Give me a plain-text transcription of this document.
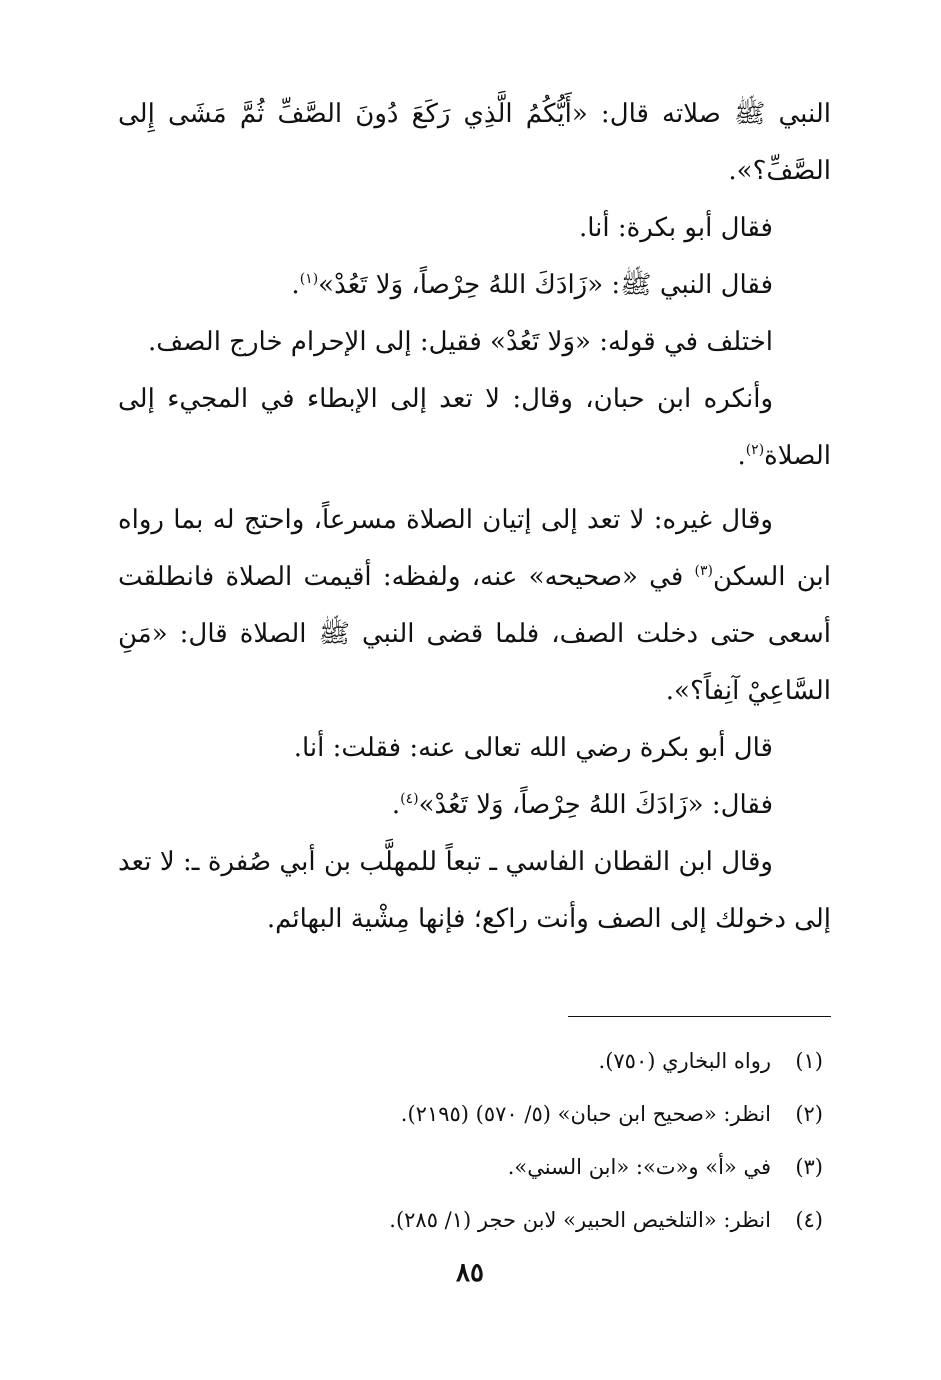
النبي ﷺ صلاته قال: «أَيُّكُمُ الَّذِي رَكَعَ دُونَ الصَّفِّ ثُمَّ مَشَى إِلى الصَّفِّ؟».

فقال أبو بكرة: أنا.

فقال النبي ﷺ: «زَادَكَ اللهُ حِرْصاً، وَلا تَعُدْ»$^{(١)}$.

اختلف في قوله: «وَلا تَعُدْ» فقيل: إلى الإحرام خارج الصف.

وأنكره ابن حبان، وقال: لا تعد إلى الإبطاء في المجيء إلى الصلاة$^{(٢)}$.

وقال غيره: لا تعد إلى إتيان الصلاة مسرعاً، واحتج له بما رواه ابن السكن$^{(٣)}$ في «صحيحه» عنه، ولفظه: أقيمت الصلاة فانطلقت أسعى حتى دخلت الصف، فلما قضى النبي ﷺ الصلاة قال: «مَنِ السَّاعِيْ آنِفاً؟».

قال أبو بكرة رضي الله تعالى عنه: فقلت: أنا.

فقال: «زَادَكَ اللهُ حِرْصاً، وَلا تَعُدْ»$^{(٤)}$.

وقال ابن القطان الفاسي ـ تبعاً للمهلَّب بن أبي صُفرة ـ: لا تعد إلى دخولك إلى الصف وأنت راكع؛ فإنها مِشْية البهائم.

(١)
رواه البخاري (٧٥٠).
(٢)
انظر: «صحيح ابن حبان» (٥/ ٥٧٠) (٢١٩٥).
(٣)
في «أ» و«ت»: «ابن السني».
(٤)
انظر: «التلخيص الحبير» لابن حجر (١/ ٢٨٥).
٨٥
